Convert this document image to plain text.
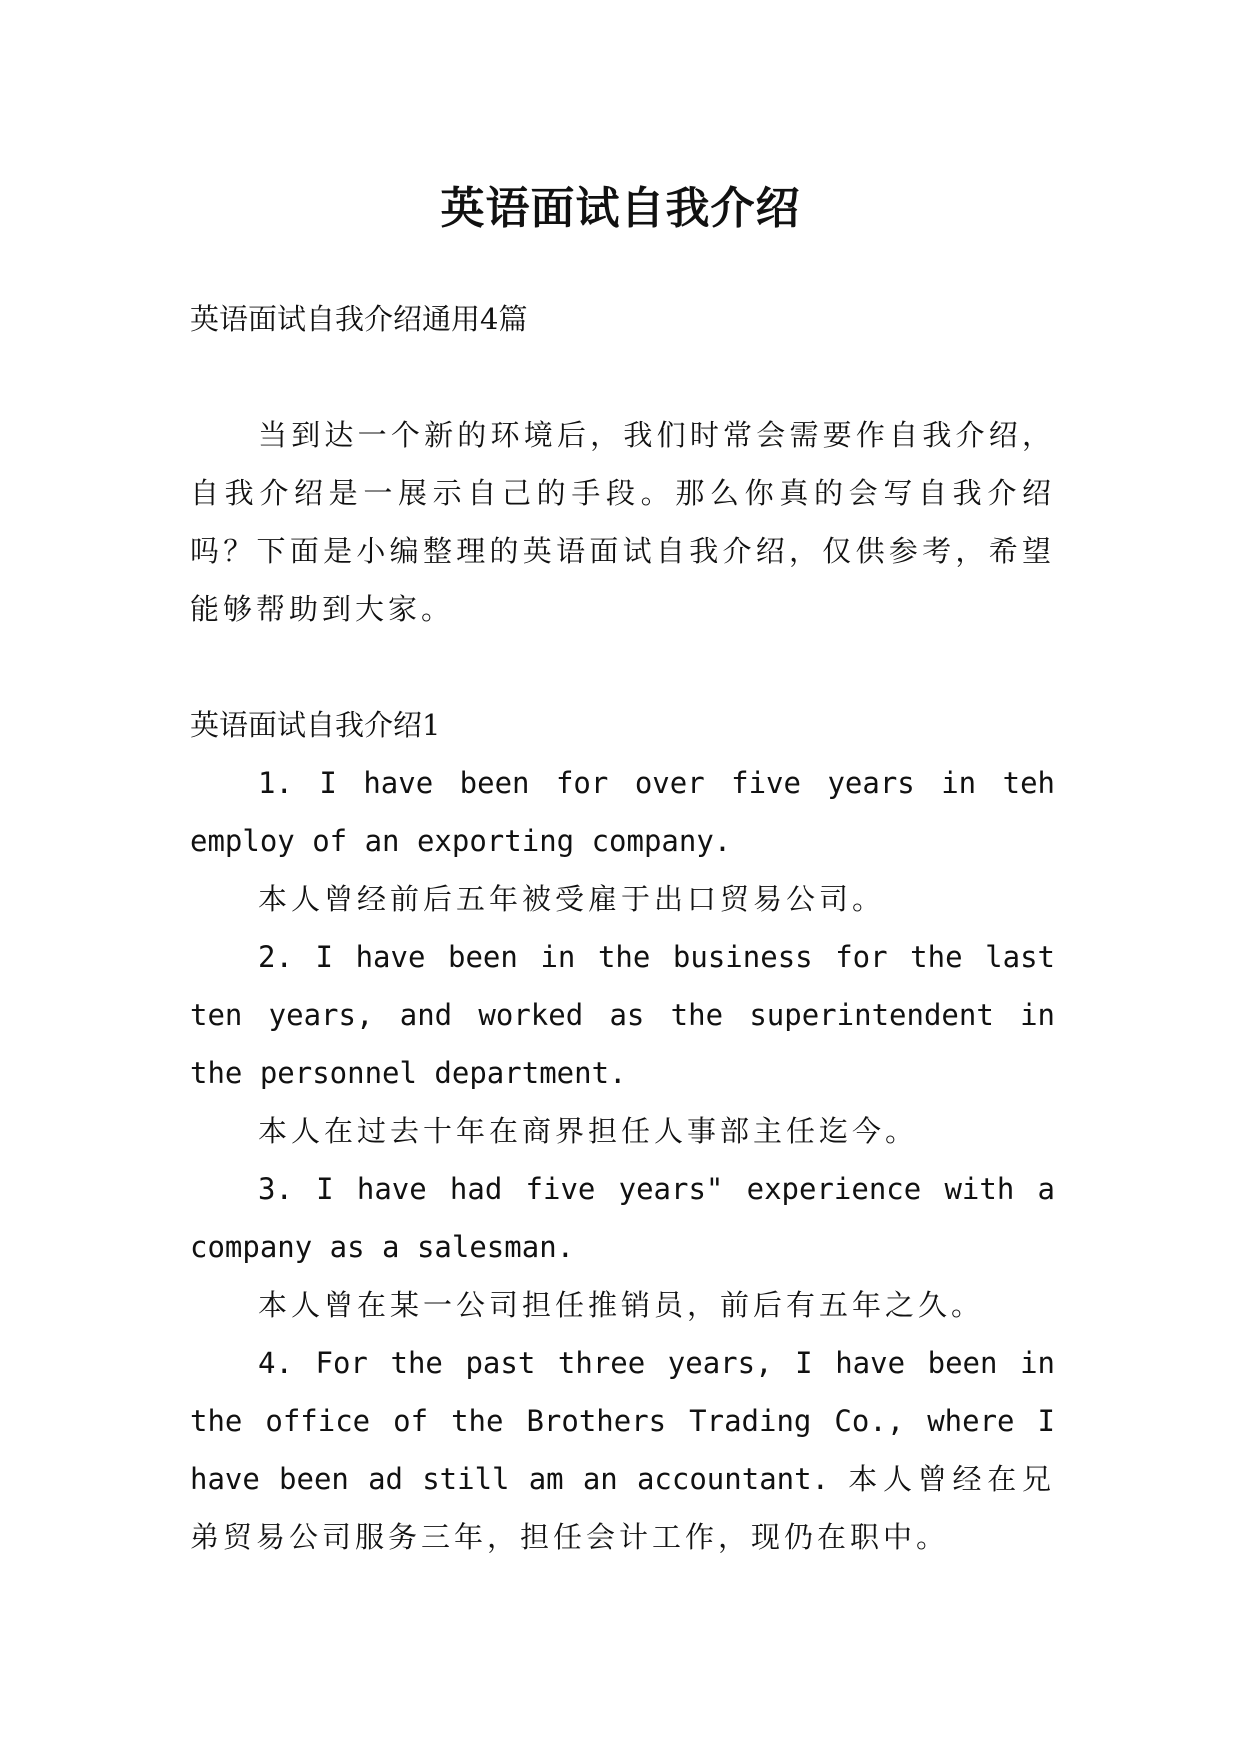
英语面试自我介绍

英语面试自我介绍通用4篇

当到达一个新的环境后，我们时常会需要作自我介绍，自我介绍是一展示自己的手段。那么你真的会写自我介绍吗？下面是小编整理的英语面试自我介绍，仅供参考，希望能够帮助到大家。

英语面试自我介绍1

1. I have been for over five years in teh employ of an exporting company.

本人曾经前后五年被受雇于出口贸易公司。

2. I have been in the business for the last ten years, and worked as the superintendent in the personnel department.

本人在过去十年在商界担任人事部主任迄今。

3. I have had five years" experience with a company as a salesman.

本人曾在某一公司担任推销员，前后有五年之久。

4. For the past three years, I have been in the office of the Brothers Trading Co., where I have been ad still am an accountant. 本人曾经在兄弟贸易公司服务三年，担任会计工作，现仍在职中。
